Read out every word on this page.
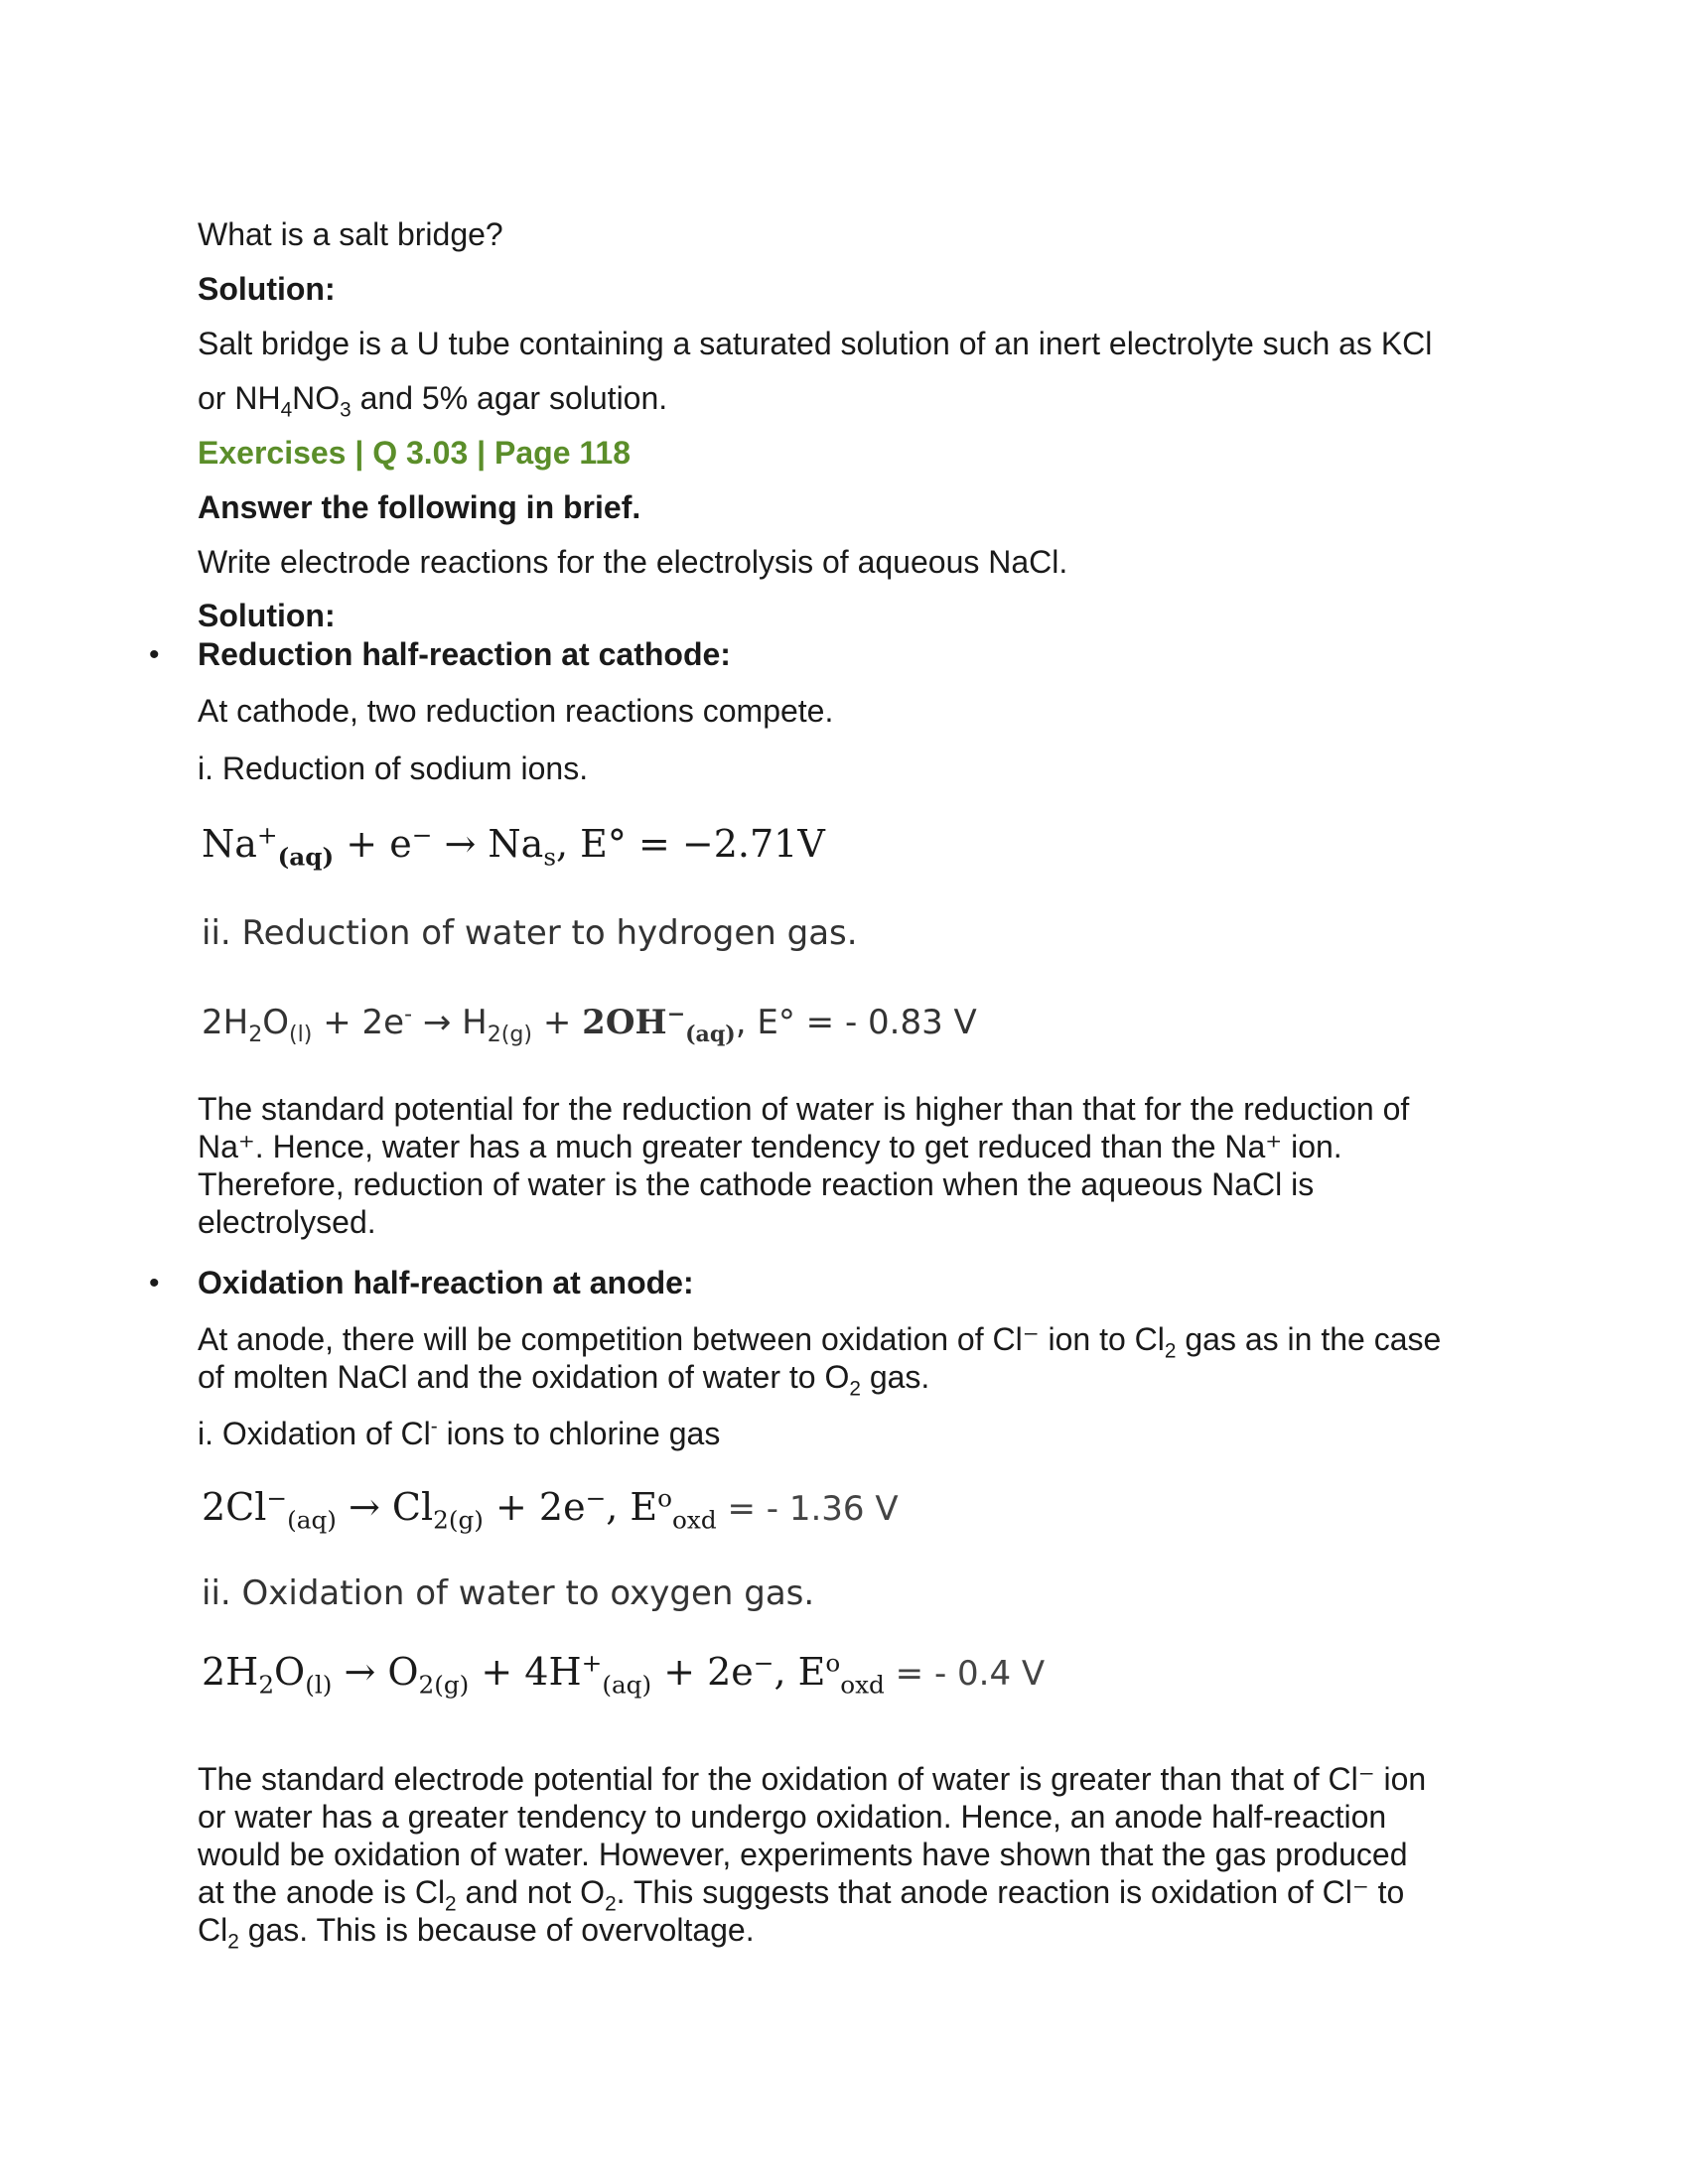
What is a salt bridge?

Solution:

Salt bridge is a U tube containing a saturated solution of an inert electrolyte such as KCl

or $NH_4NO_3$ and 5% agar solution.

Exercises | Q 3.03 | Page 118

Answer the following in brief.

Write electrode reactions for the electrolysis of aqueous NaCl.

Solution:

• Reduction half-reaction at cathode:

At cathode, two reduction reactions compete.

i. Reduction of sodium ions.

$Na^+_{(aq)} + e^- \to Na_s$, E° = −2.71V
ii. Reduction of water to hydrogen gas.
$2H_2O_{(l)} + 2e^- \to H_{2(g)} + 2OH^-_{(aq)}$, E° = - 0.83 V

The standard potential for the reduction of water is higher than that for the reduction of

Na⁺. Hence, water has a much greater tendency to get reduced than the Na⁺ ion.

Therefore, reduction of water is the cathode reaction when the aqueous NaCl is

electrolysed.

• Oxidation half-reaction at anode:

At anode, there will be competition between oxidation of Cl⁻ ion to $Cl_2$ gas as in the case

of molten NaCl and the oxidation of water to $O_2$ gas.

i. Oxidation of Cl- ions to chlorine gas

$2Cl^-_{(aq)} \to Cl_{2(g)} + 2e^-$, $E^o_{oxd}$ = - 1.36 V
ii. Oxidation of water to oxygen gas.
$2H_2O_{(l)} \to O_{2(g)} + 4H^+_{(aq)} + 2e^-$, $E^o_{oxd}$ = - 0.4 V

The standard electrode potential for the oxidation of water is greater than that of Cl⁻ ion

or water has a greater tendency to undergo oxidation. Hence, an anode half-reaction

would be oxidation of water. However, experiments have shown that the gas produced

at the anode is $Cl_2$ and not $O_2$. This suggests that anode reaction is oxidation of Cl⁻ to

$Cl_2$ gas. This is because of overvoltage.
